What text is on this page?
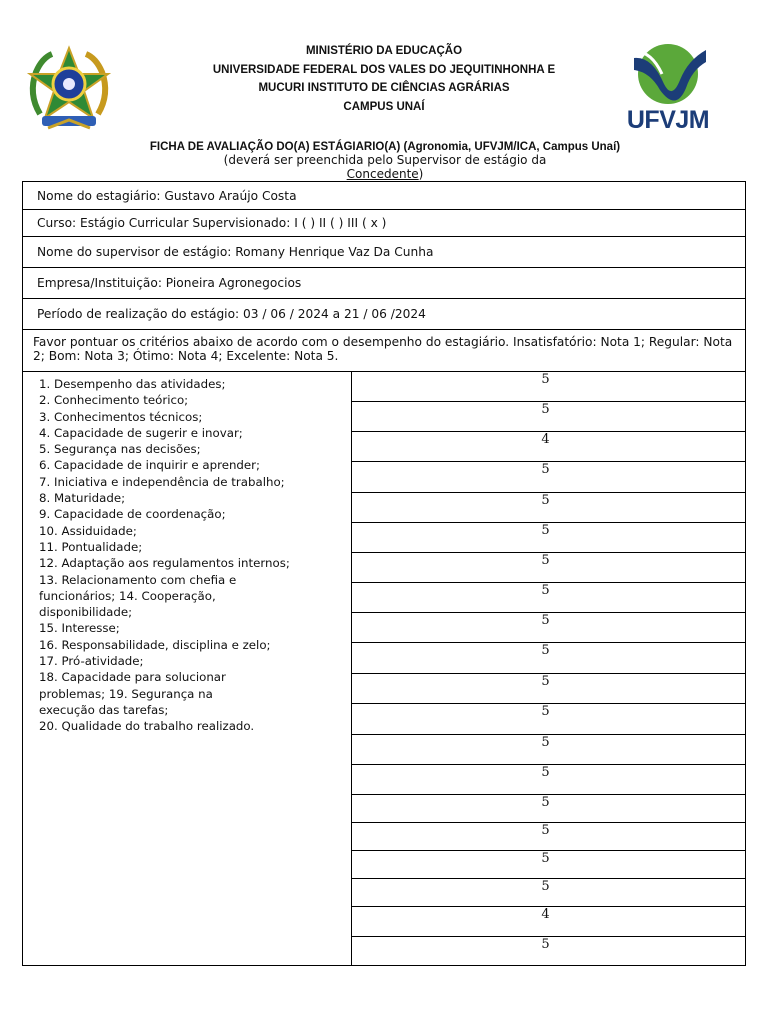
MINISTÉRIO DA EDUCAÇÃO
UNIVERSIDADE FEDERAL DOS VALES DO JEQUITINHONHA E
MUCURI INSTITUTO DE CIÊNCIAS AGRÁRIAS
CAMPUS UNAÍ	UFVJM
FICHA DE AVALIAÇÃO DO(A) ESTÁGIARIO(A) (Agronomia, UFVJM/ICA, Campus Unaí)
(deverá ser preenchida pelo Supervisor de estágio da
Concedente)
Nome do estagiário: Gustavo Araújo Costa
Curso: Estágio Curricular Supervisionado: I ( ) II ( ) III ( x )
Nome do supervisor de estágio: Romany Henrique Vaz Da Cunha
Empresa/Instituição: Pioneira Agronegocios
Período de realização do estágio: 03 / 06 / 2024 a 21 / 06 /2024
Favor pontuar os critérios abaixo de acordo com o desempenho do estagiário. Insatisfatório: Nota 1; Regular: Nota 2; Bom: Nota 3; Ótimo: Nota 4; Excelente: Nota 5.
1. Desempenho das atividades;
2. Conhecimento teórico;
3. Conhecimentos técnicos;
4. Capacidade de sugerir e inovar;
5. Segurança nas decisões;
6. Capacidade de inquirir e aprender;
7. Iniciativa e independência de trabalho;
8. Maturidade;
9. Capacidade de coordenação;
10. Assiduidade;
11. Pontualidade;
12. Adaptação aos regulamentos internos;
13. Relacionamento com chefia e
funcionários; 14. Cooperação,
disponibilidade;
15. Interesse;
16. Responsabilidade, disciplina e zelo;
17. Pró-atividade;
18. Capacidade para solucionar
problemas; 19. Segurança na
execução das tarefas;
20. Qualidade do trabalho realizado.
5
5
4
5
5
5
5
5
5
5
5
5
5
5
5
5
5
5
4
5
